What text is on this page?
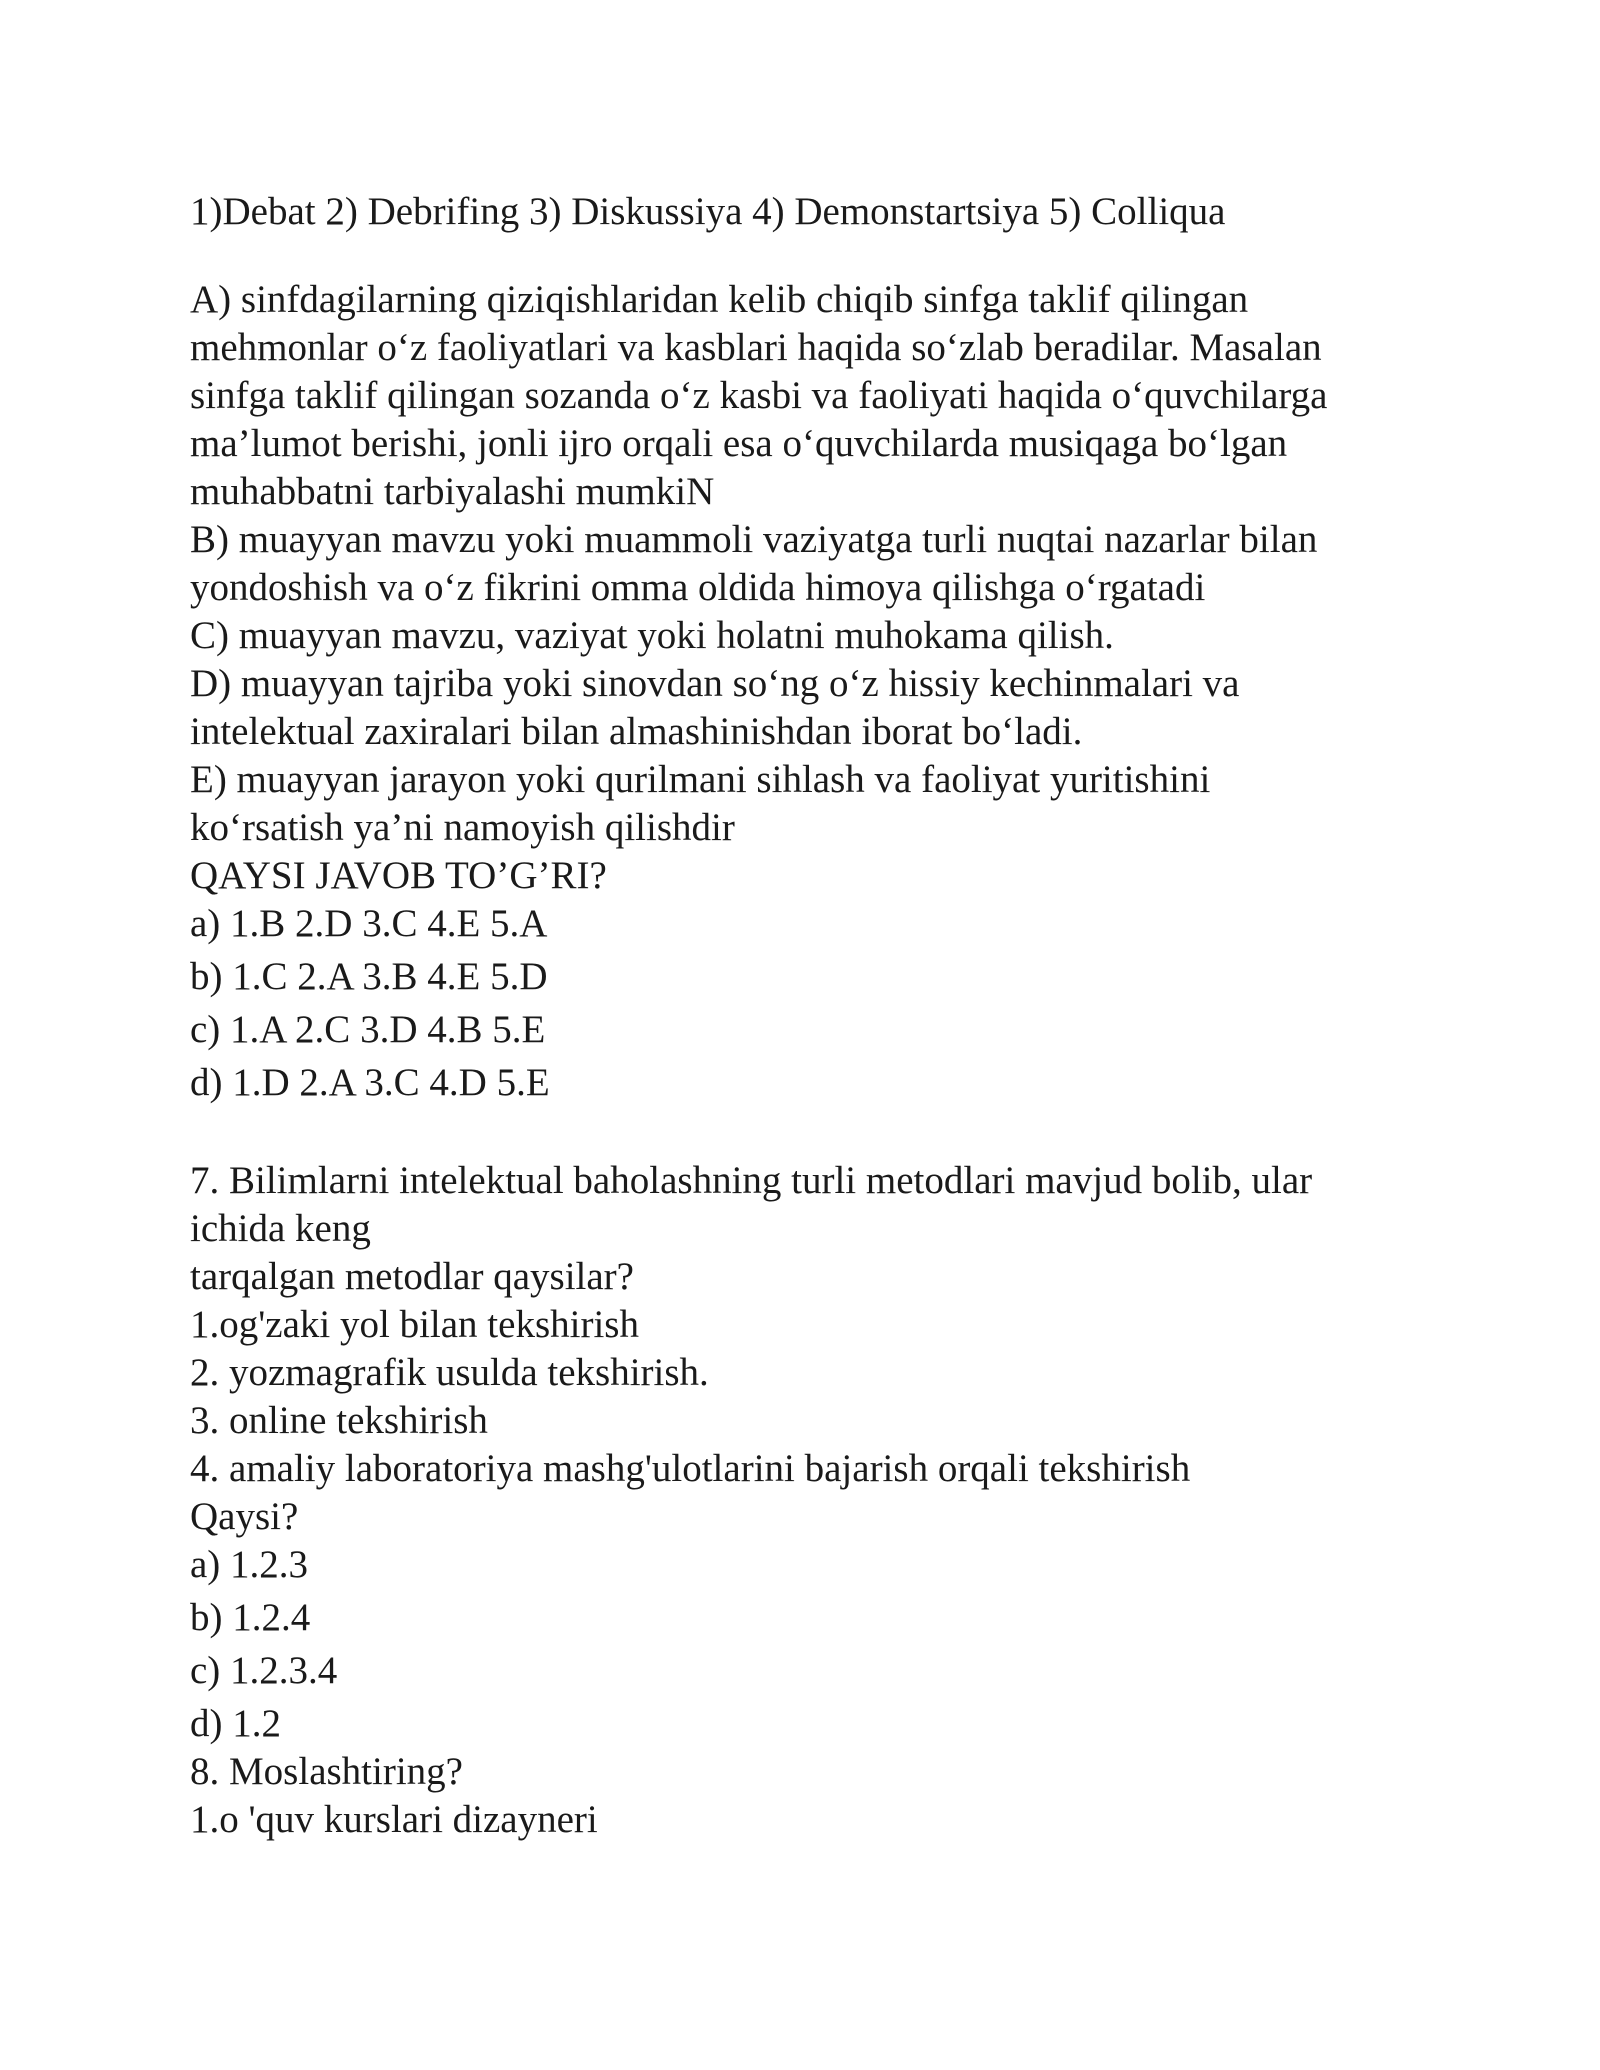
1)Debat 2) Debrifing 3) Diskussiya 4) Demonstartsiya 5) Colliqua
A) sinfdagilarning qiziqishlaridan kelib chiqib sinfga taklif qilingan
mehmonlar o‘z faoliyatlari va kasblari haqida so‘zlab beradilar. Masalan
sinfga taklif qilingan sozanda o‘z kasbi va faoliyati haqida o‘quvchilarga
ma’lumot berishi, jonli ijro orqali esa o‘quvchilarda musiqaga bo‘lgan
muhabbatni tarbiyalashi mumkiN
B) muayyan mavzu yoki muammoli vaziyatga turli nuqtai nazarlar bilan
yondoshish va o‘z fikrini omma oldida himoya qilishga o‘rgatadi
C) muayyan mavzu, vaziyat yoki holatni muhokama qilish.
D) muayyan tajriba yoki sinovdan so‘ng o‘z hissiy kechinmalari va
intelektual zaxiralari bilan almashinishdan iborat bo‘ladi.
E) muayyan jarayon yoki qurilmani sihlash va faoliyat yuritishini
ko‘rsatish ya’ni namoyish qilishdir
QAYSI JAVOB TO’G’RI?
a) 1.B 2.D 3.C 4.E 5.A
b) 1.C 2.A 3.B 4.E 5.D
c) 1.A 2.C 3.D 4.B 5.E
d) 1.D 2.A 3.C 4.D 5.E
7. Bilimlarni intelektual baholashning turli metodlari mavjud bolib, ular
ichida keng
tarqalgan metodlar qaysilar?
1.og'zaki yol bilan tekshirish
2. yozmagrafik usulda tekshirish.
3. online tekshirish
4. amaliy laboratoriya mashg'ulotlarini bajarish orqali tekshirish
Qaysi?
a) 1.2.3
b) 1.2.4
c) 1.2.3.4
d) 1.2
8. Moslashtiring?
1.o 'quv kurslari dizayneri
